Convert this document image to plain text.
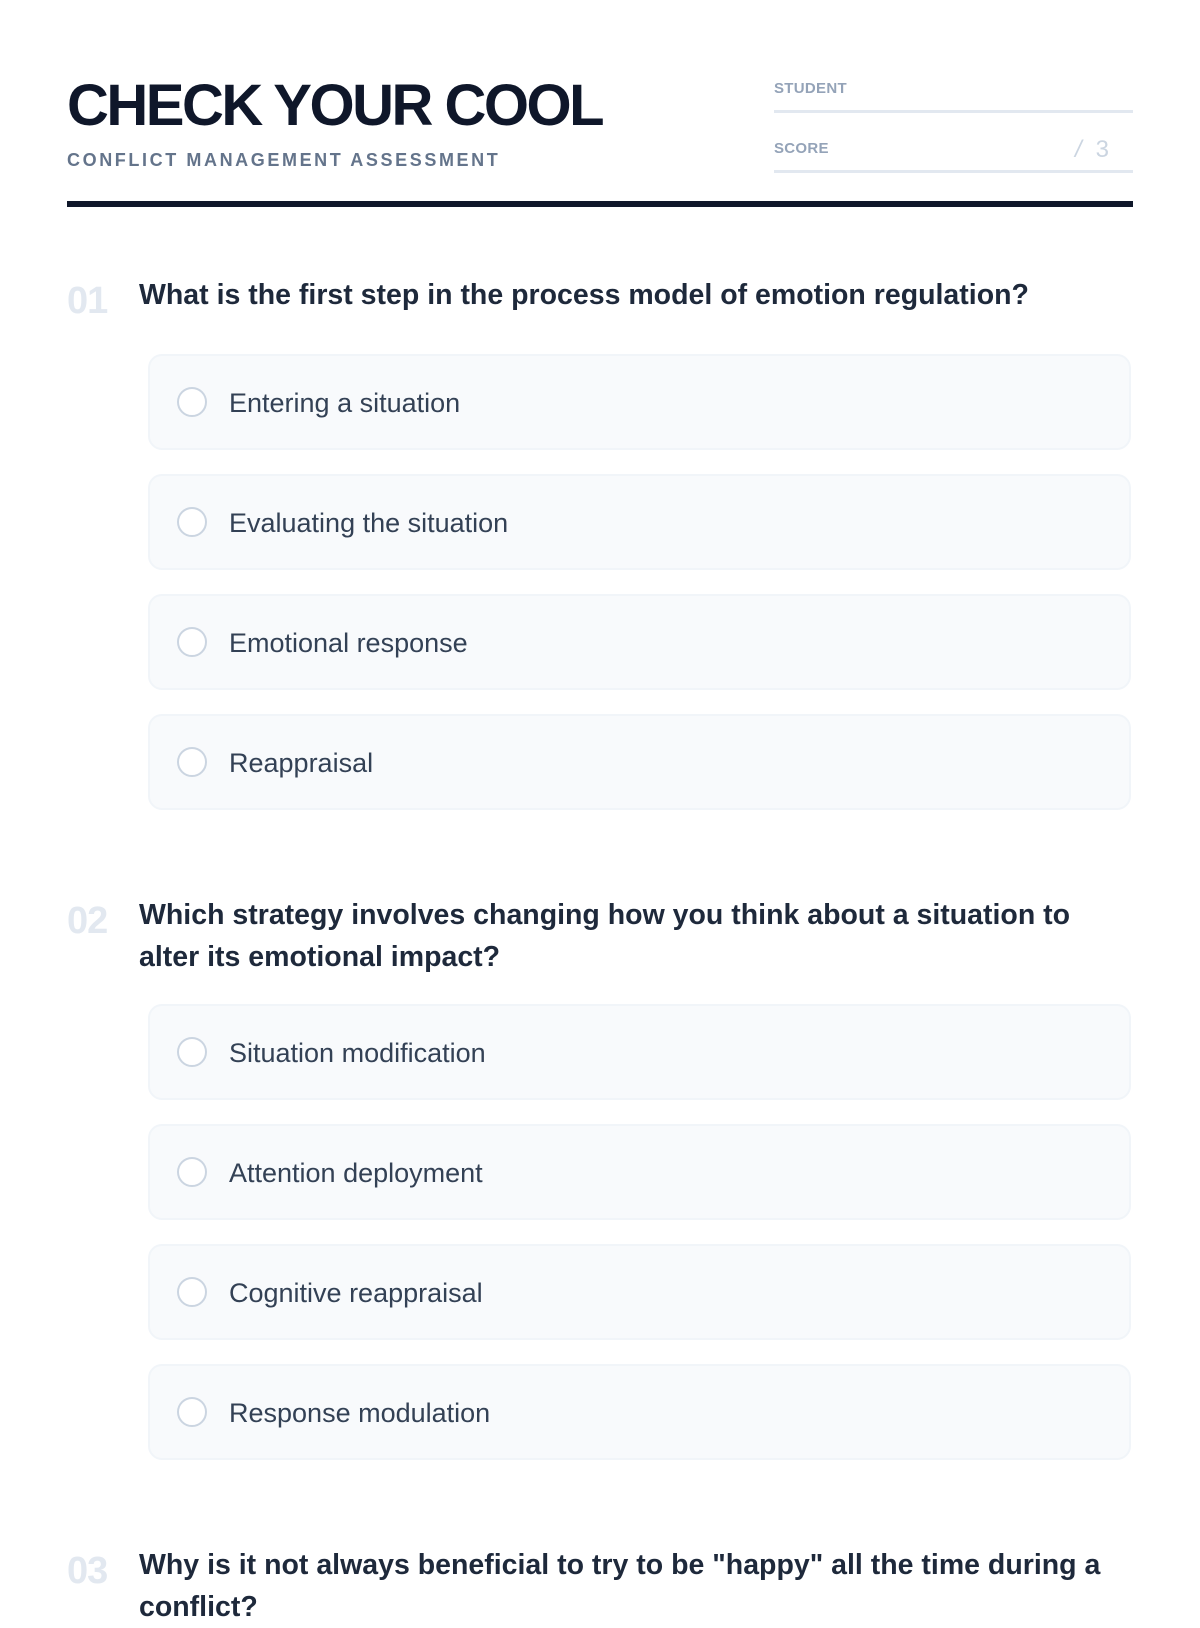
CHECK YOUR COOL
CONFLICT MANAGEMENT ASSESSMENT
STUDENT
SCORE	/ 3
01 What is the first step in the process model of emotion regulation?

Entering a situation
Evaluating the situation
Emotional response
Reappraisal
02 Which strategy involves changing how you think about a situation to alter its emotional impact?

Situation modification
Attention deployment
Cognitive reappraisal
Response modulation
03 Why is it not always beneficial to try to be "happy" all the time during a conflict?
